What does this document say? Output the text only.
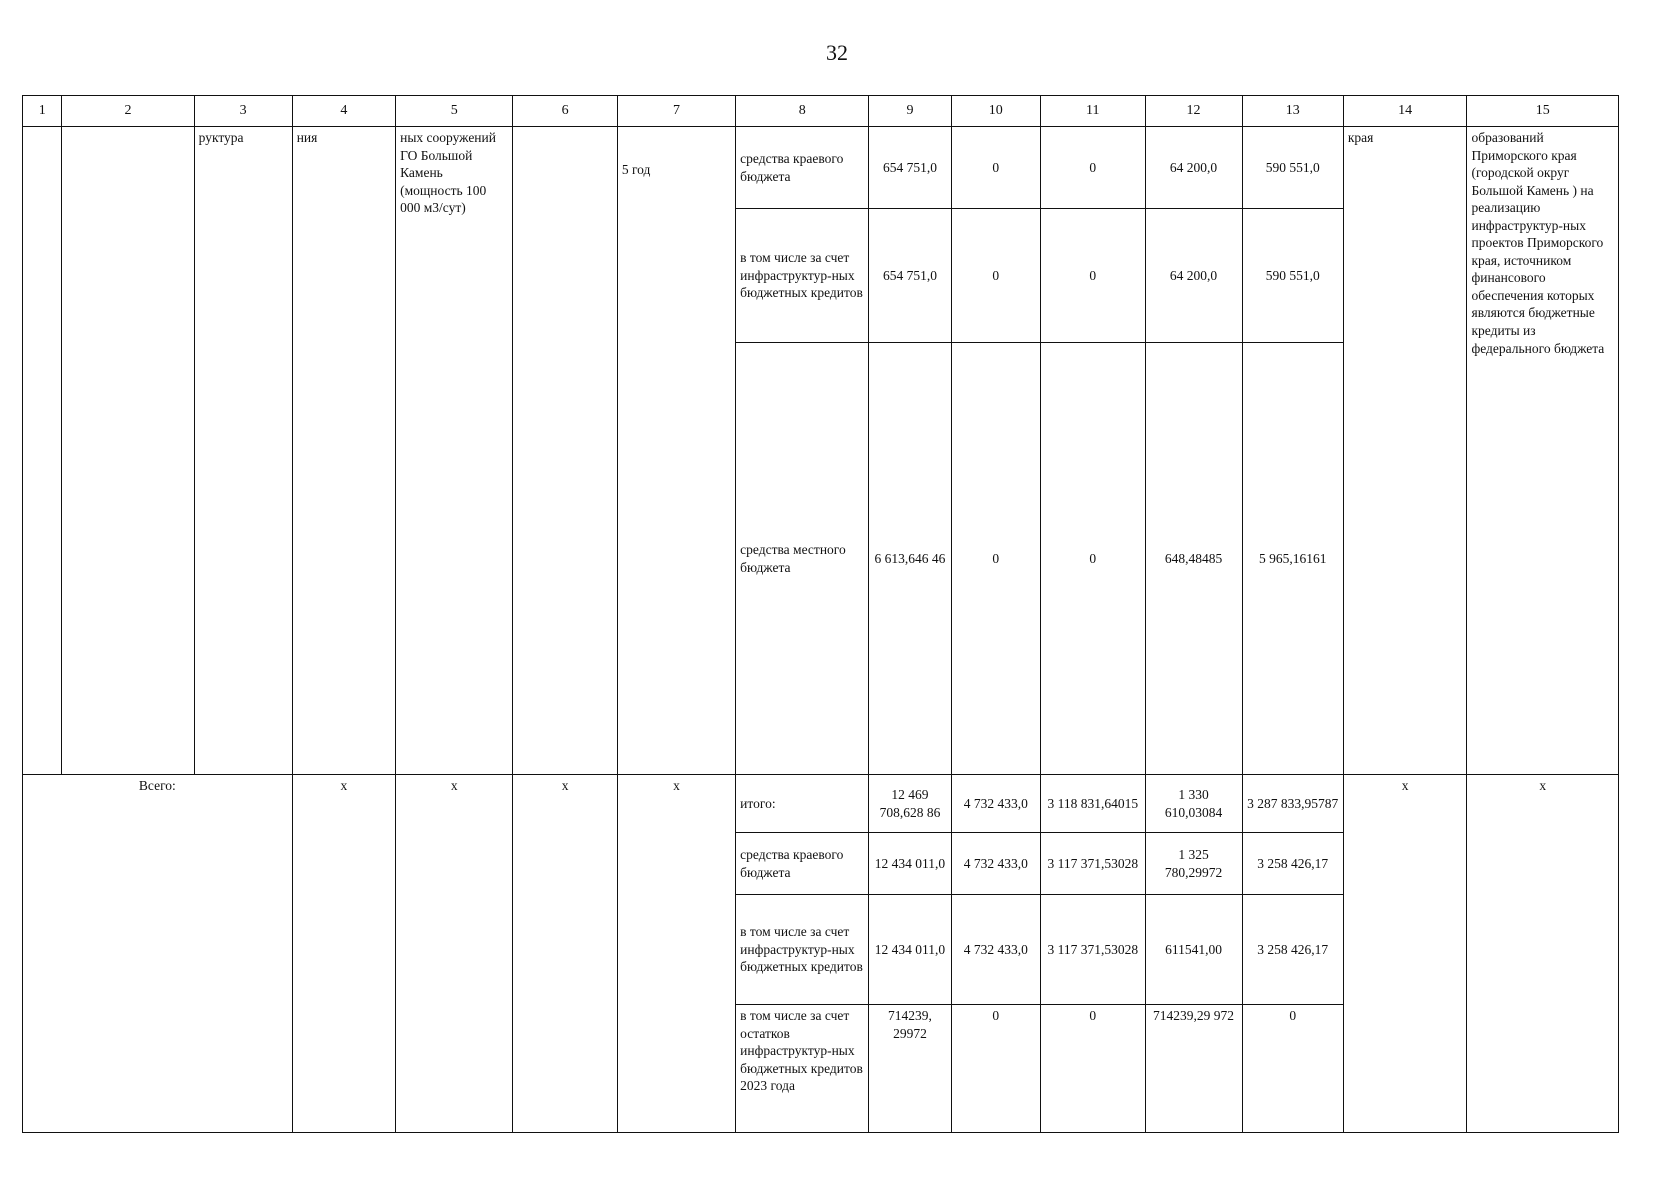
32
1	2	3	4	5	6	7	8	9	10	11	12	13	14	15
		руктура	ния	ных сооружений ГО Большой Камень (мощность 100 000 м3/сут)		5 год	средства краевого бюджета	654 751,0	0	0	64 200,0	590 551,0	края	образований Приморского края (городской округ Большой Камень ) на реализацию инфраструктур-ных проектов Приморского края, источником финансового обеспечения которых являются бюджетные кредиты из федерального бюджета
							в том числе за счет инфраструктур-ных бюджетных кредитов	654 751,0	0	0	64 200,0	590 551,0		
							средства местного бюджета	6 613,646 46	0	0	648,48485	5 965,16161		
Всего:			х	х	х	х	итого:	12 469 708,628 86	4 732 433,0	3 118 831,64015	1 330 610,03084	3 287 833,95787	х	х
							средства краевого бюджета	12 434 011,0	4 732 433,0	3 117 371,53028	1 325 780,29972	3 258 426,17		
							в том числе за счет инфраструктур-ных бюджетных кредитов	12 434 011,0	4 732 433,0	3 117 371,53028	611541,00	3 258 426,17		
							в том числе за счет остатков инфраструктур-ных бюджетных кредитов 2023 года	714239, 29972	0	0	714239,29 972	0		
